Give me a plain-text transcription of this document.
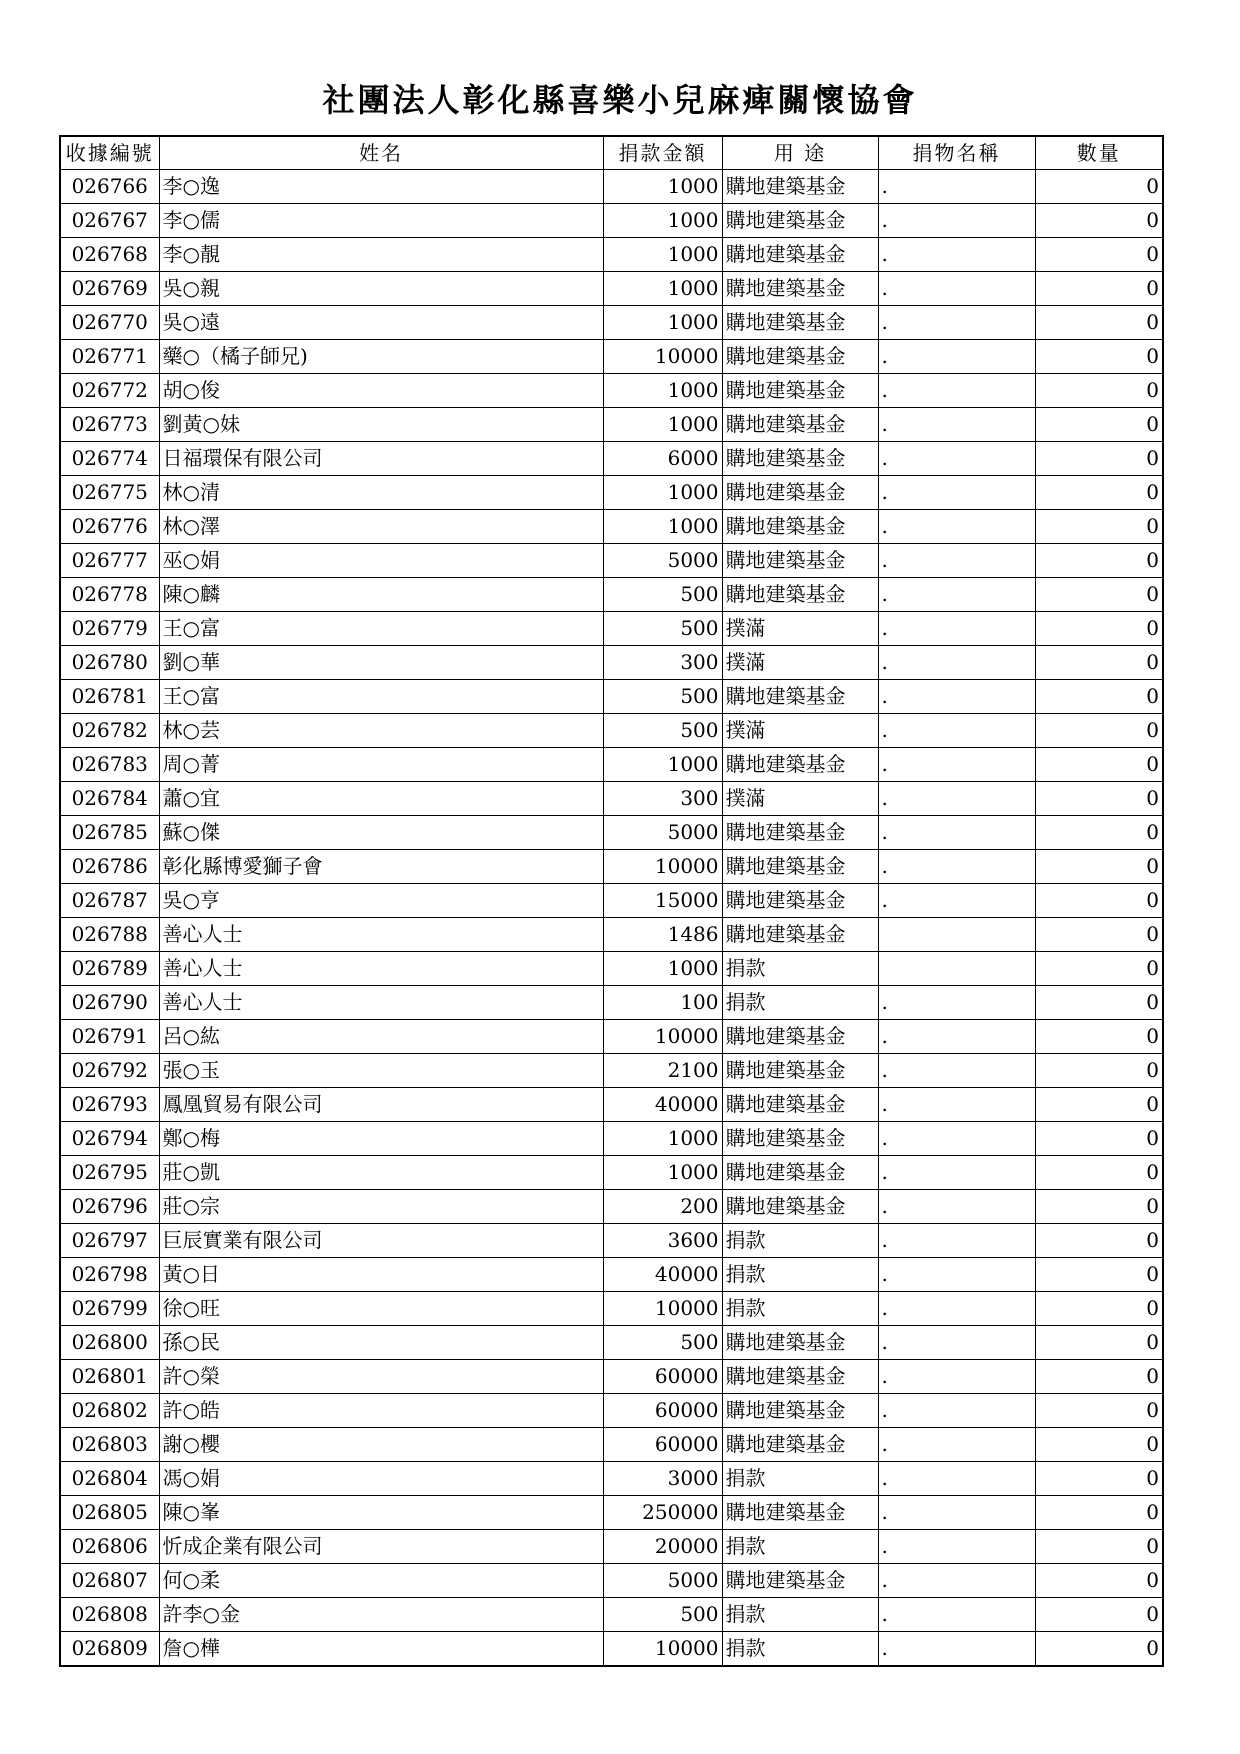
社團法人彰化縣喜樂小兒麻痺關懷協會
收據編號	姓名	捐款金額	用 途	捐物名稱	數量
026766	李○逸	1000	購地建築基金	.	0
026767	李○儒	1000	購地建築基金	.	0
026768	李○靚	1000	購地建築基金	.	0
026769	吳○親	1000	購地建築基金	.	0
026770	吳○遠	1000	購地建築基金	.	0
026771	藥○（橘子師兄)	10000	購地建築基金	.	0
026772	胡○俊	1000	購地建築基金	.	0
026773	劉黃○妹	1000	購地建築基金	.	0
026774	日福環保有限公司	6000	購地建築基金	.	0
026775	林○清	1000	購地建築基金	.	0
026776	林○澤	1000	購地建築基金	.	0
026777	巫○娟	5000	購地建築基金	.	0
026778	陳○麟	500	購地建築基金	.	0
026779	王○富	500	撲滿	.	0
026780	劉○華	300	撲滿	.	0
026781	王○富	500	購地建築基金	.	0
026782	林○芸	500	撲滿	.	0
026783	周○菁	1000	購地建築基金	.	0
026784	蕭○宜	300	撲滿	.	0
026785	蘇○傑	5000	購地建築基金	.	0
026786	彰化縣博愛獅子會	10000	購地建築基金	.	0
026787	吳○亨	15000	購地建築基金	.	0
026788	善心人士	1486	購地建築基金		0
026789	善心人士	1000	捐款		0
026790	善心人士	100	捐款	.	0
026791	呂○紘	10000	購地建築基金	.	0
026792	張○玉	2100	購地建築基金	.	0
026793	鳳凰貿易有限公司	40000	購地建築基金	.	0
026794	鄭○梅	1000	購地建築基金	.	0
026795	莊○凱	1000	購地建築基金	.	0
026796	莊○宗	200	購地建築基金	.	0
026797	巨辰實業有限公司	3600	捐款	.	0
026798	黃○日	40000	捐款	.	0
026799	徐○旺	10000	捐款	.	0
026800	孫○民	500	購地建築基金	.	0
026801	許○榮	60000	購地建築基金	.	0
026802	許○皓	60000	購地建築基金	.	0
026803	謝○櫻	60000	購地建築基金	.	0
026804	馮○娟	3000	捐款	.	0
026805	陳○峯	250000	購地建築基金	.	0
026806	忻成企業有限公司	20000	捐款	.	0
026807	何○柔	5000	購地建築基金	.	0
026808	許李○金	500	捐款	.	0
026809	詹○樺	10000	捐款	.	0
